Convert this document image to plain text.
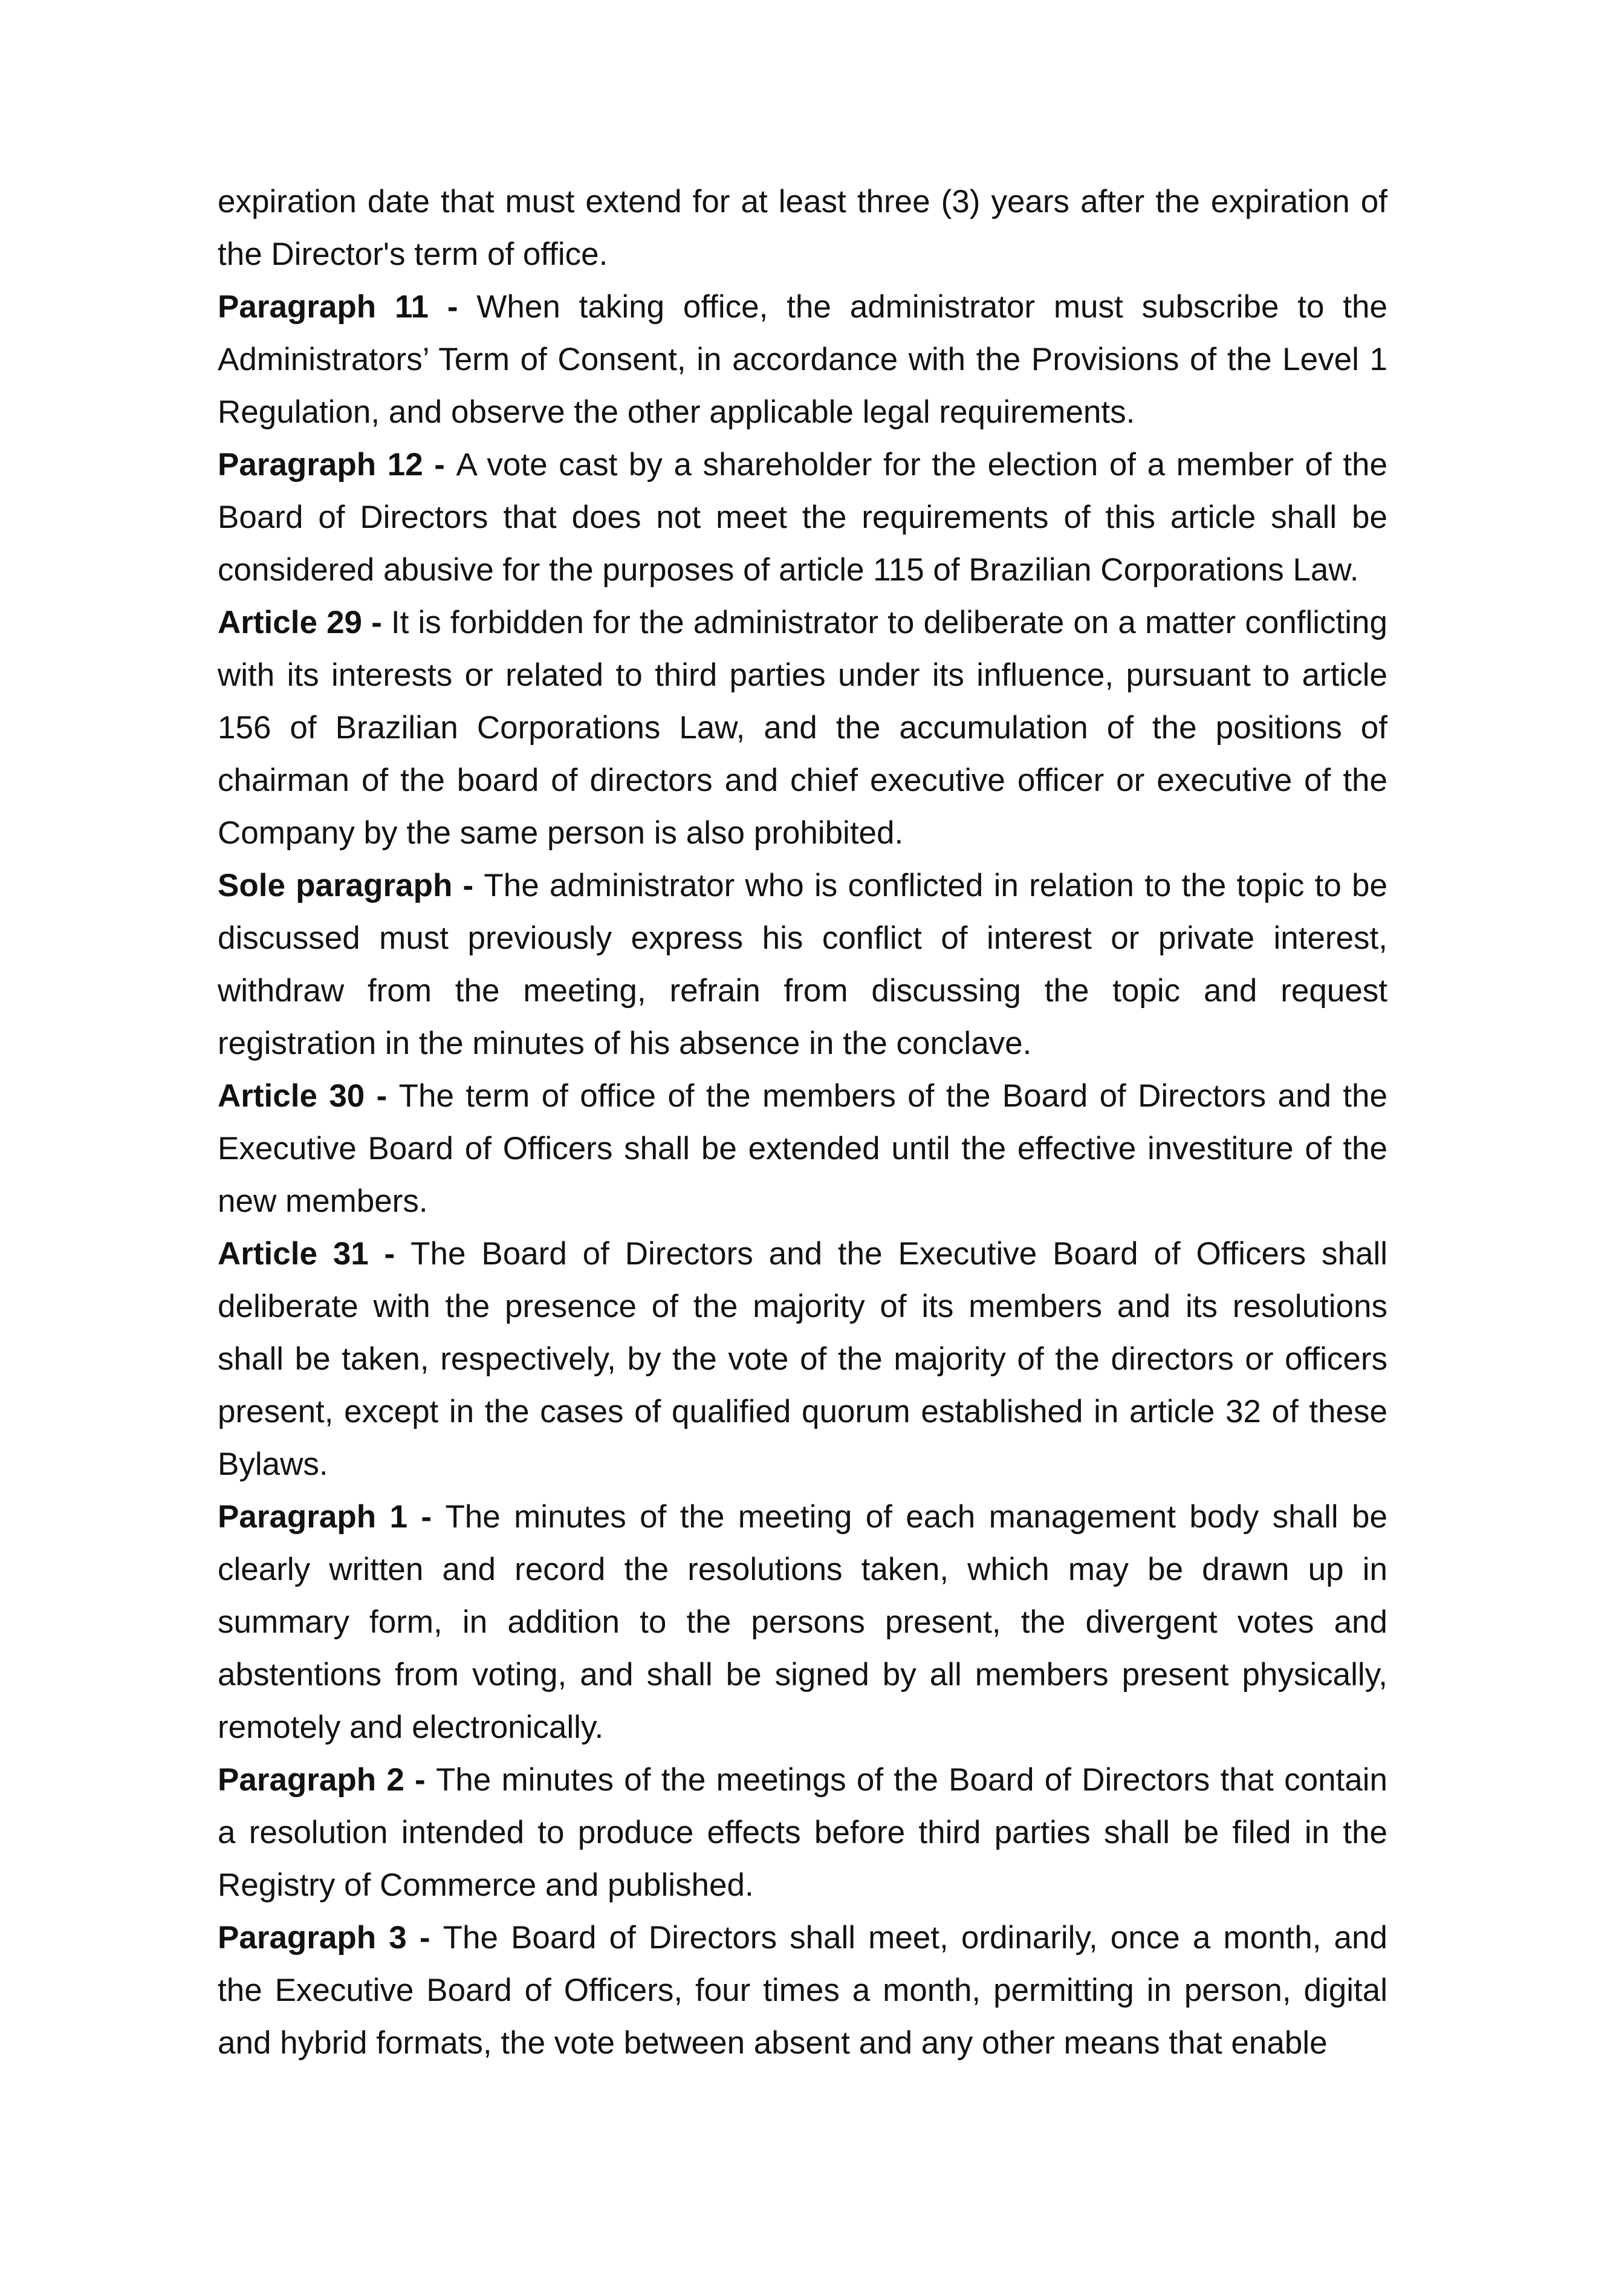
expiration date that must extend for at least three (3) years after the expiration of the Director's term of office.

Paragraph 11 - When taking office, the administrator must subscribe to the Administrators’ Term of Consent, in accordance with the Provisions of the Level 1 Regulation, and observe the other applicable legal requirements.

Paragraph 12 - A vote cast by a shareholder for the election of a member of the Board of Directors that does not meet the requirements of this article shall be considered abusive for the purposes of article 115 of Brazilian Corporations Law.

Article 29 - It is forbidden for the administrator to deliberate on a matter conflicting with its interests or related to third parties under its influence, pursuant to article 156 of Brazilian Corporations Law, and the accumulation of the positions of chairman of the board of directors and chief executive officer or executive of the Company by the same person is also prohibited.

Sole paragraph - The administrator who is conflicted in relation to the topic to be discussed must previously express his conflict of interest or private interest, withdraw from the meeting, refrain from discussing the topic and request registration in the minutes of his absence in the conclave.

Article 30 - The term of office of the members of the Board of Directors and the Executive Board of Officers shall be extended until the effective investiture of the new members.

Article 31 - The Board of Directors and the Executive Board of Officers shall deliberate with the presence of the majority of its members and its resolutions shall be taken, respectively, by the vote of the majority of the directors or officers present, except in the cases of qualified quorum established in article 32 of these Bylaws.

Paragraph 1 - The minutes of the meeting of each management body shall be clearly written and record the resolutions taken, which may be drawn up in summary form, in addition to the persons present, the divergent votes and abstentions from voting, and shall be signed by all members present physically, remotely and electronically.

Paragraph 2 - The minutes of the meetings of the Board of Directors that contain a resolution intended to produce effects before third parties shall be filed in the Registry of Commerce and published.

Paragraph 3 - The Board of Directors shall meet, ordinarily, once a month, and the Executive Board of Officers, four times a month, permitting in person, digital and hybrid formats, the vote between absent and any other means that enable
